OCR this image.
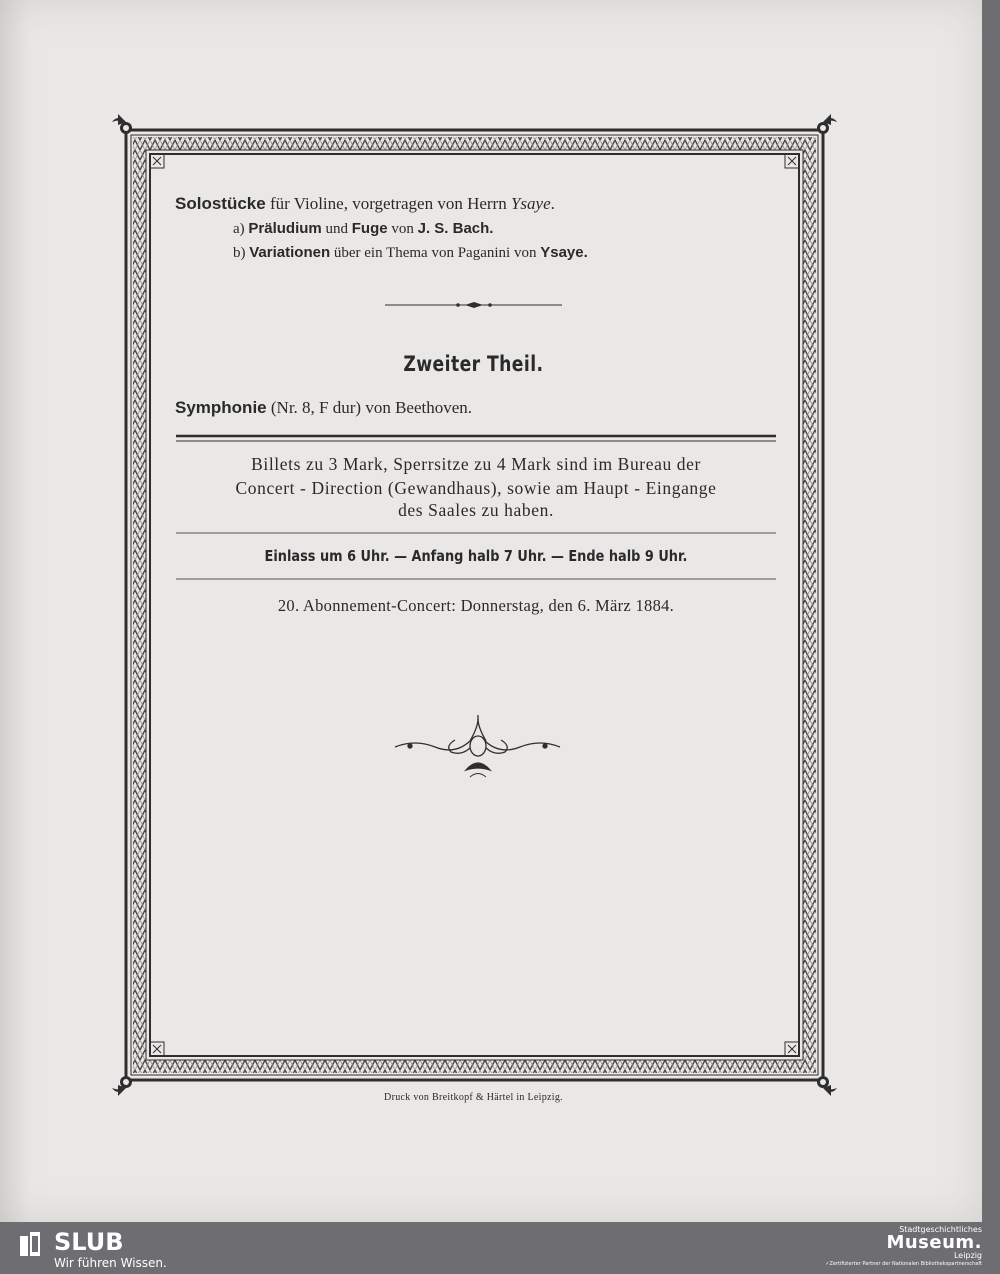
Solostücke für Violine, vorgetragen von Herrn Ysaye.
a) Präludium und Fuge von J. S. Bach.
b) Variationen über ein Thema von Paganini von Ysaye.
Zweiter Theil.
Symphonie (Nr. 8, F dur) von Beethoven.
Billets zu 3 Mark, Sperrsitze zu 4 Mark sind im Bureau der
Concert - Direction (Gewandhaus), sowie am Haupt - Eingange
des Saales zu haben.
Einlass um 6 Uhr. — Anfang halb 7 Uhr. — Ende halb 9 Uhr.
20. Abonnement-Concert: Donnerstag, den 6. März 1884.
Druck von Breitkopf & Härtel in Leipzig.
SLUB
Wir führen Wissen.
Stadtgeschichtliches
Museum.
Leipzig
✓Zertifizierter Partner der Nationalen Bibliothekspartnerschaft
